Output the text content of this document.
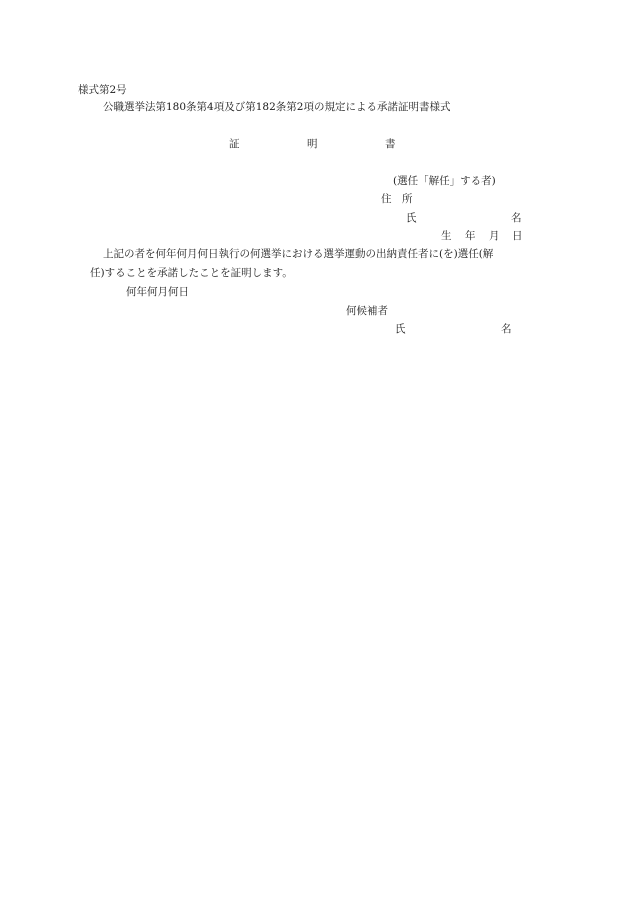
様式第2号
公職選挙法第180条第4項及び第182条第2項の規定による承諾証明書様式
証	明	書
(選任「解任」する者)
住　所
氏	名
生 年 月 日
上記の者を何年何月何日執行の何選挙における選挙運動の出納責任者に(を)選任(解
任)することを承諾したことを証明します。
何年何月何日
何候補者
氏	名
